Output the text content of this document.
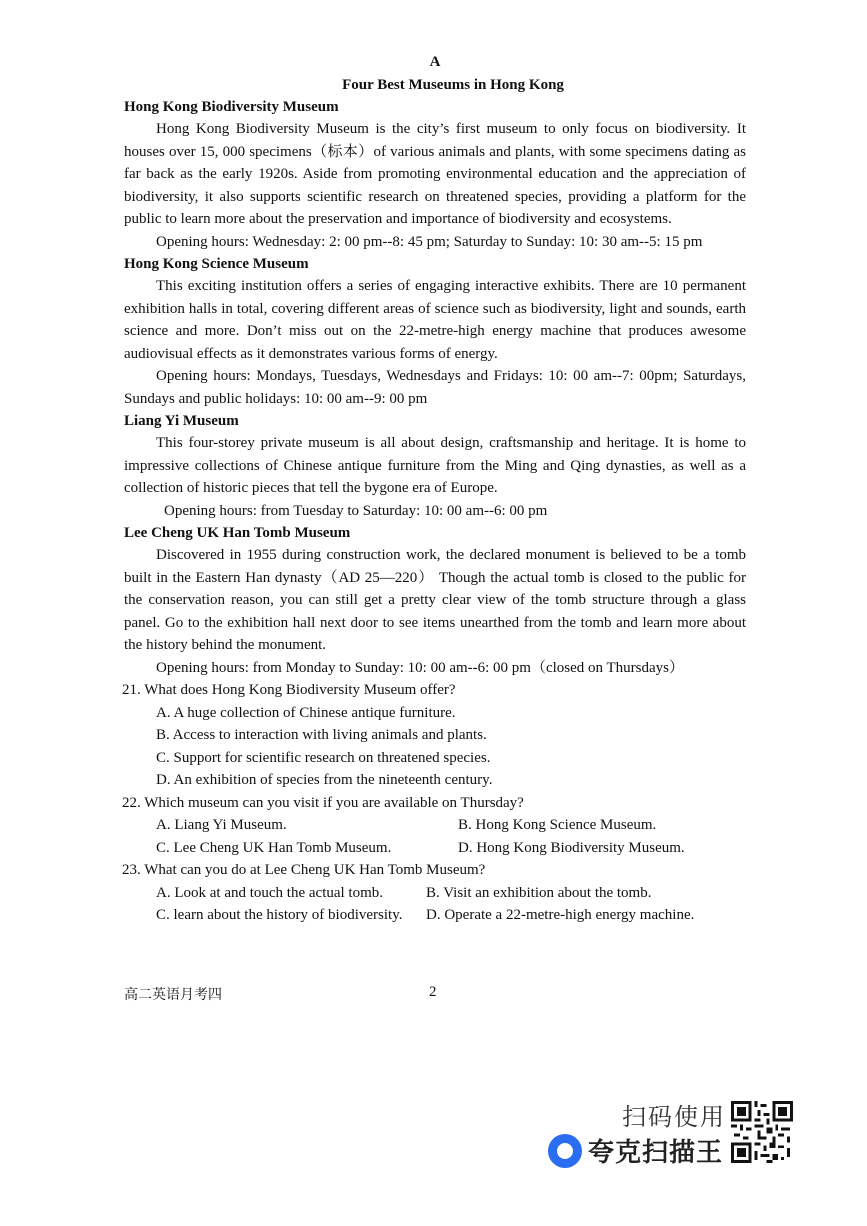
A

Four Best Museums in Hong Kong

Hong Kong Biodiversity Museum

Hong Kong Biodiversity Museum is the city’s first museum to only focus on biodiversity. It houses over 15, 000 specimens（标本）of various animals and plants, with some specimens dating as far back as the early 1920s. Aside from promoting environmental education and the appreciation of biodiversity, it also supports scientific research on threatened species, providing a platform for the public to learn more about the preservation and importance of biodiversity and ecosystems.

Opening hours: Wednesday: 2: 00 pm--8: 45 pm; Saturday to Sunday: 10: 30 am--5: 15 pm

Hong Kong Science Museum

This exciting institution offers a series of engaging interactive exhibits. There are 10 permanent exhibition halls in total, covering different areas of science such as biodiversity, light and sounds, earth science and more. Don’t miss out on the 22-metre-high energy machine that produces awesome audiovisual effects as it demonstrates various forms of energy.

Opening hours: Mondays, Tuesdays, Wednesdays and Fridays: 10: 00 am--7: 00pm; Saturdays, Sundays and public holidays: 10: 00 am--9: 00 pm

Liang Yi Museum

This four-storey private museum is all about design, craftsmanship and heritage. It is home to impressive collections of Chinese antique furniture from the Ming and Qing dynasties, as well as a collection of historic pieces that tell the bygone era of Europe.

Opening hours: from Tuesday to Saturday: 10: 00 am--6: 00 pm

Lee Cheng UK Han Tomb Museum

Discovered in 1955 during construction work, the declared monument is believed to be a tomb built in the Eastern Han dynasty（AD 25—220） Though the actual tomb is closed to the public for the conservation reason, you can still get a pretty clear view of the tomb structure through a glass panel. Go to the exhibition hall next door to see items unearthed from the tomb and learn more about the history behind the monument.

Opening hours: from Monday to Sunday: 10: 00 am--6: 00 pm（closed on Thursdays）

21. What does Hong Kong Biodiversity Museum offer?

A. A huge collection of Chinese antique furniture.

B. Access to interaction with living animals and plants.

C. Support for scientific research on threatened species.

D. An exhibition of species from the nineteenth century.

22. Which museum can you visit if you are available on Thursday?

A. Liang Yi Museum.	B. Hong Kong Science Museum.
C. Lee Cheng UK Han Tomb Museum.	D. Hong Kong Biodiversity Museum.

23. What can you do at Lee Cheng UK Han Tomb Museum?

A. Look at and touch the actual tomb.	B. Visit an exhibition about the tomb.
C. learn about the history of biodiversity.	D. Operate a 22-metre-high energy machine.
高二英语月考四	2
扫码使用
夸克扫描王
